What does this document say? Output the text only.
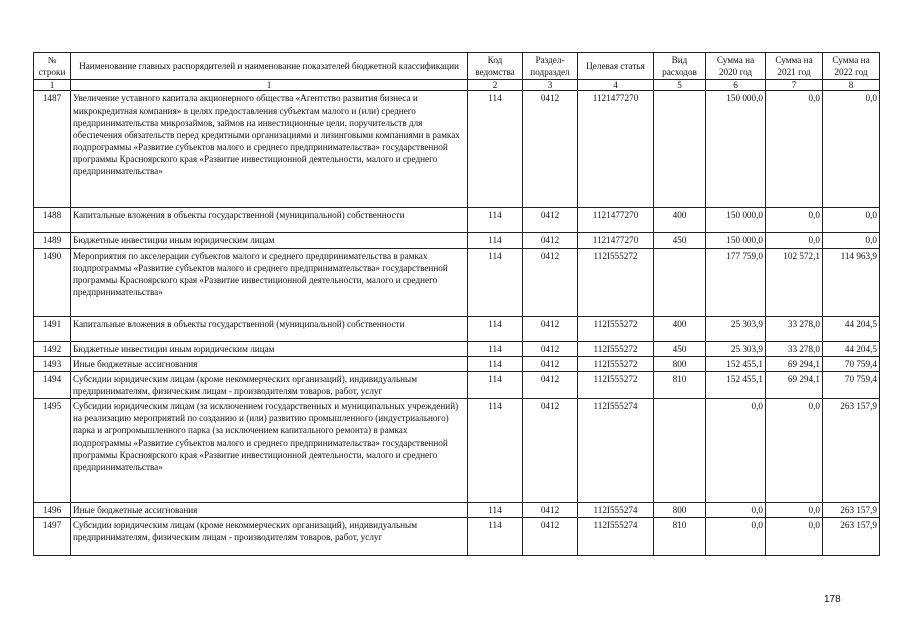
№ строки	Наименование главных распорядителей и наименование показателей бюджетной классификации	Код ведомства	Раздел-подраздел	Целевая статья	Вид расходов	Сумма на 2020 год	Сумма на 2021 год	Сумма на 2022 год
1	1	2	3	4	5	6	7	8
1487	Увеличение уставного капитала акционерного общества «Агентство развития бизнеса и микрокредитная компания» в целях предоставления субъектам малого и (или) среднего предпринимательства микрозаймов, займов на инвестиционные цели, поручительств для обеспечения обязательств перед кредитными организациями и лизинговыми компаниями в рамках подпрограммы «Развитие субъектов малого и среднего предпринимательства» государственной программы Красноярского края «Развитие инвестиционной деятельности, малого и среднего предпринимательства»	114	0412	1121477270		150 000,0	0,0	0,0
1488	Капитальные вложения в объекты государственной (муниципальной) собственности	114	0412	1121477270	400	150 000,0	0,0	0,0
1489	Бюджетные инвестиции иным юридическим лицам	114	0412	1121477270	450	150 000,0	0,0	0,0
1490	Мероприятия по акселерации субъектов малого и среднего предпринимательства в рамках подпрограммы «Развитие субъектов малого и среднего предпринимательства» государственной программы Красноярского края «Развитие инвестиционной деятельности, малого и среднего предпринимательства»	114	0412	112I555272		177 759,0	102 572,1	114 963,9
1491	Капитальные вложения в объекты государственной (муниципальной) собственности	114	0412	112I555272	400	25 303,9	33 278,0	44 204,5
1492	Бюджетные инвестиции иным юридическим лицам	114	0412	112I555272	450	25 303,9	33 278,0	44 204,5
1493	Иные бюджетные ассигнования	114	0412	112I555272	800	152 455,1	69 294,1	70 759,4
1494	Субсидии юридическим лицам (кроме некоммерческих организаций), индивидуальным предпринимателям, физическим лицам - производителям товаров, работ, услуг	114	0412	112I555272	810	152 455,1	69 294,1	70 759,4
1495	Субсидии юридическим лицам (за исключением государственных и муниципальных учреждений) на реализацию мероприятий по созданию и (или) развитию промышленного (индустриального) парка и агропромышленного парка (за исключением капитального ремонта) в рамках подпрограммы «Развитие субъектов малого и среднего предпринимательства» государственной программы Красноярского края «Развитие инвестиционной деятельности, малого и среднего предпринимательства»	114	0412	112I555274		0,0	0,0	263 157,9
1496	Иные бюджетные ассигнования	114	0412	112I555274	800	0,0	0,0	263 157,9
1497	Субсидии юридическим лицам (кроме некоммерческих организаций), индивидуальным предпринимателям, физическим лицам - производителям товаров, работ, услуг	114	0412	112I555274	810	0,0	0,0	263 157,9
178
